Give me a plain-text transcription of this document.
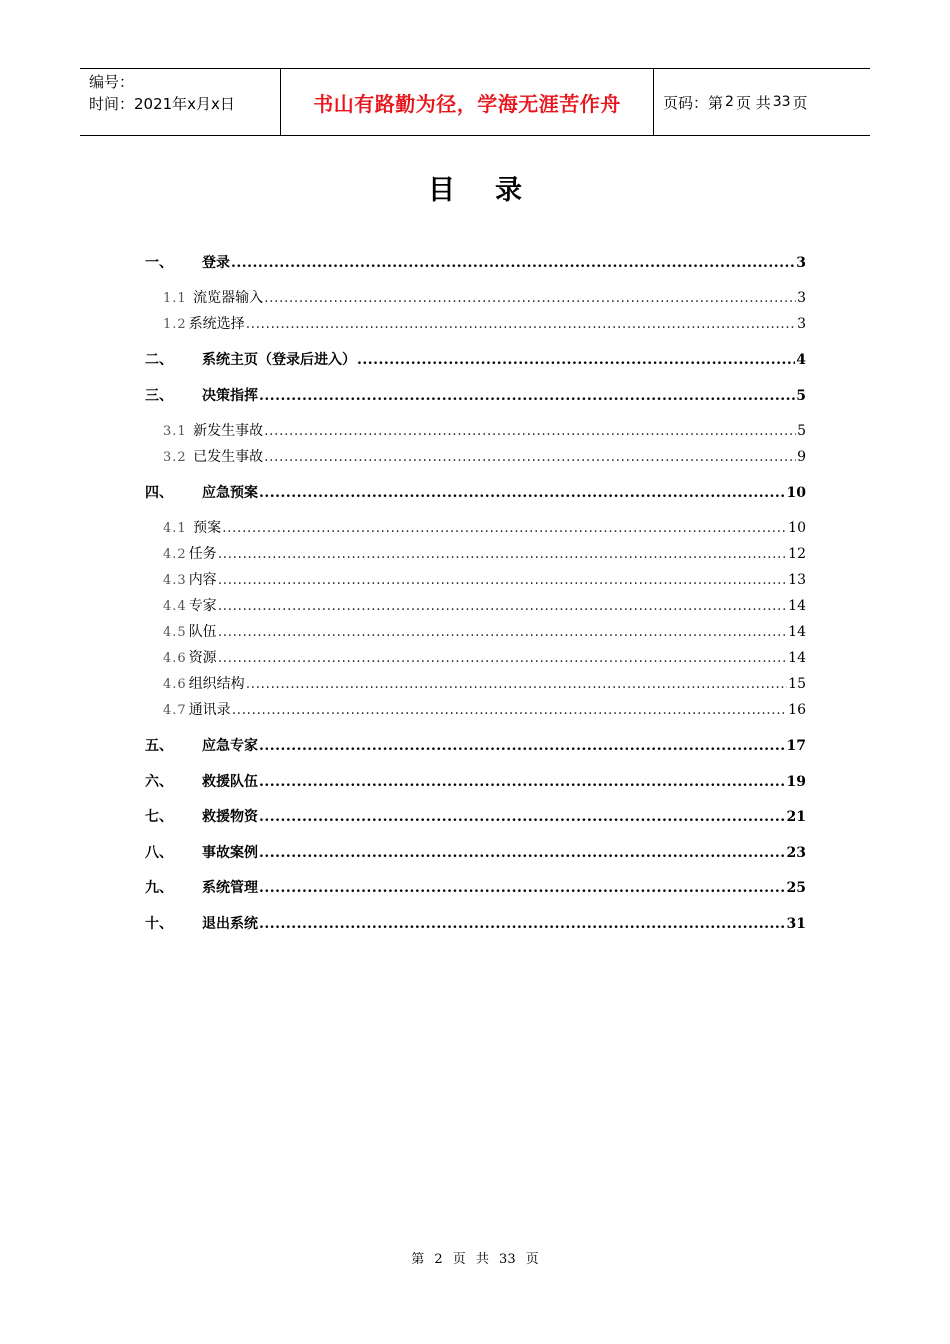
编号：
时间：2021年x月x日	书山有路勤为径，学海无涯苦作舟	页码：第 2 页 共 33 页
目录
一、	登录 .....	3
1.1 流览器输入 .....	3
1.2 系统选择 .....	3
二、	系统主页（登录后进入） .....	4
三、	决策指挥 .....	5
3.1 新发生事故 .....	5
3.2 已发生事故 .....	9
四、	应急预案 .....	10
4.1 预案 .....	10
4.2 任务 .....	12
4.3 内容 .....	13
4.4 专家 .....	14
4.5 队伍 .....	14
4.6 资源 .....	14
4.6 组织结构 .....	15
4.7 通讯录 .....	16
五、	应急专家 .....	17
六、	救援队伍 .....	19
七、	救援物资 .....	21
八、	事故案例 .....	23
九、	系统管理 .....	25
十、	退出系统 .....	31
第 2 页 共 33 页
